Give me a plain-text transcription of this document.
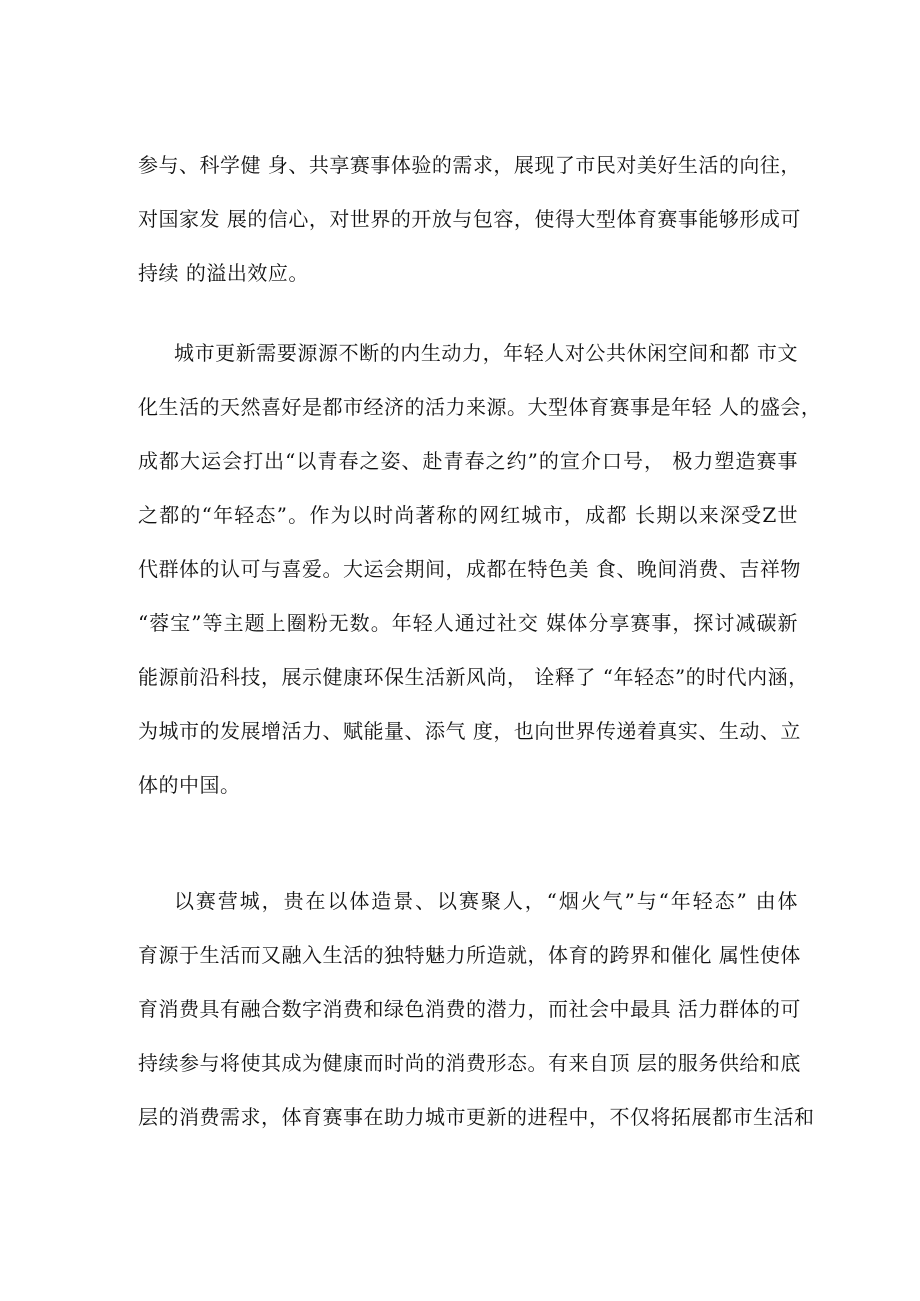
参与、科学健 身、共享赛事体验的需求，展现了市民对美好生活的向往，
对国家发 展的信心，对世界的开放与包容，使得大型体育赛事能够形成可
持续 的溢出效应。
城市更新需要源源不断的内生动力，年轻人对公共休闲空间和都 市文
化生活的天然喜好是都市经济的活力来源。大型体育赛事是年轻 人的盛会，
成都大运会打出“以青春之姿、赴青春之约”的宣介口号， 极力塑造赛事
之都的“年轻态”。作为以时尚著称的网红城市，成都 长期以来深受Z世
代群体的认可与喜爱。大运会期间，成都在特色美 食、晚间消费、吉祥物
“蓉宝”等主题上圈粉无数。年轻人通过社交 媒体分享赛事，探讨减碳新
能源前沿科技，展示健康环保生活新风尚， 诠释了 “年轻态”的时代内涵，
为城市的发展增活力、赋能量、添气 度，也向世界传递着真实、生动、立
体的中国。
以赛营城，贵在以体造景、以赛聚人，“烟火气”与“年轻态” 由体
育源于生活而又融入生活的独特魅力所造就，体育的跨界和催化 属性使体
育消费具有融合数字消费和绿色消费的潜力，而社会中最具 活力群体的可
持续参与将使其成为健康而时尚的消费形态。有来自顶 层的服务供给和底
层的消费需求，体育赛事在助力城市更新的进程中，不仅将拓展都市生活和
